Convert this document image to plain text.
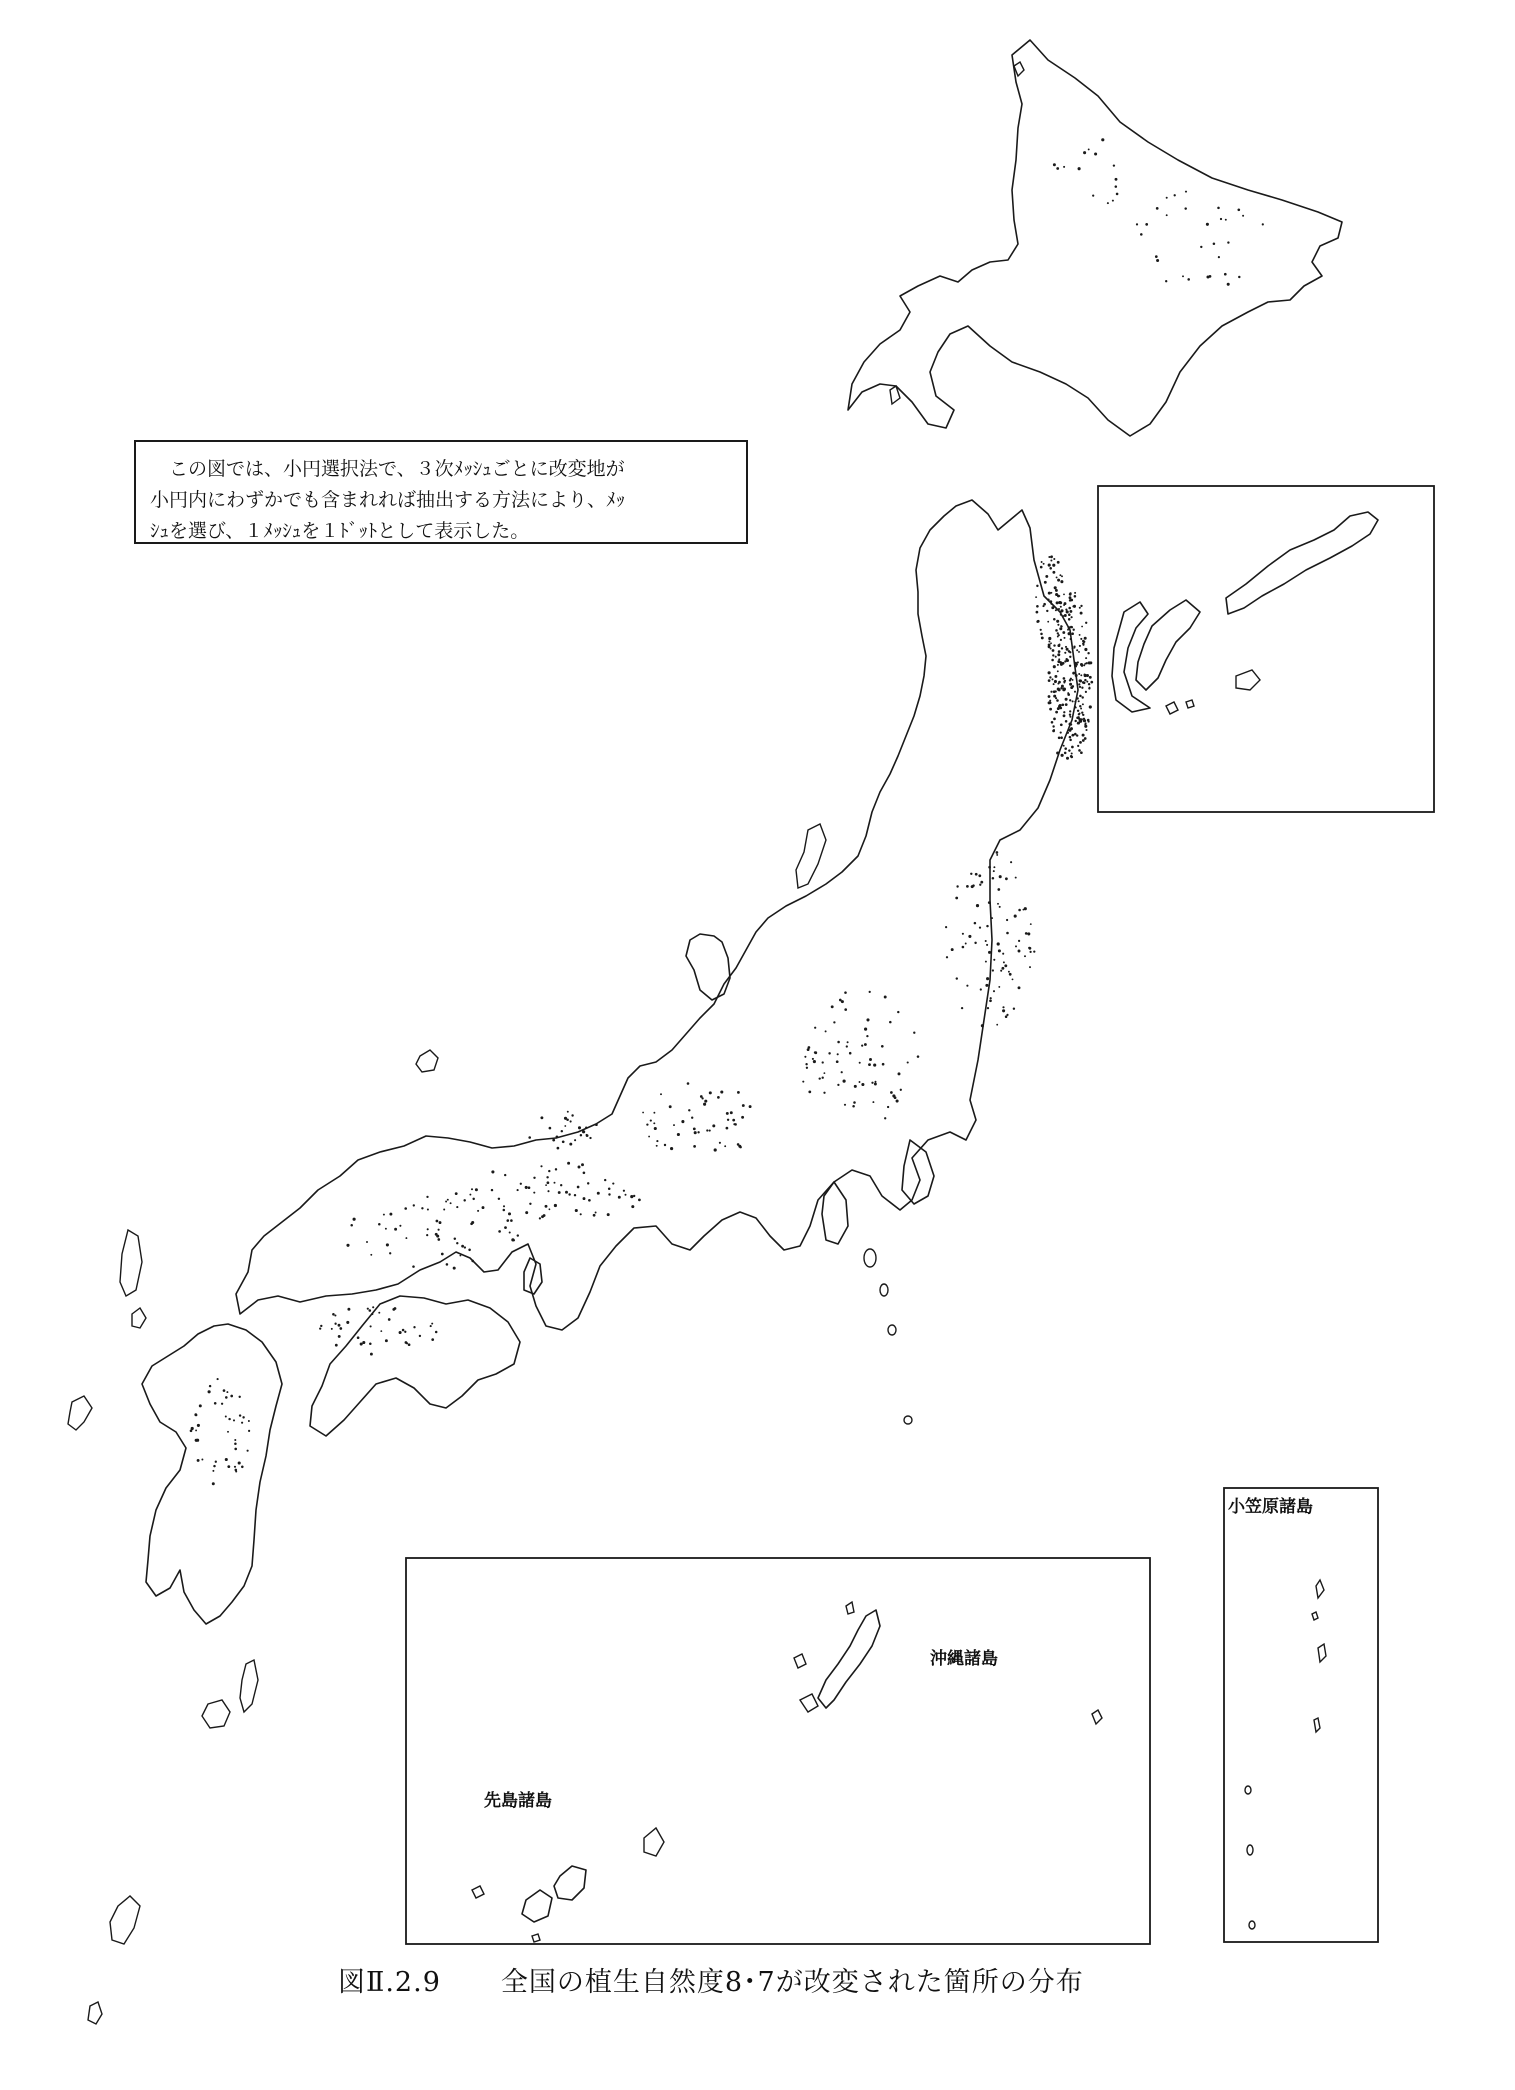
　この図では、小円選択法で、３次ﾒｯｼｭごとに改変地が
小円内にわずかでも含まれれば抽出する方法により、ﾒｯ
ｼｭを選び、１ﾒｯｼｭを１ﾄﾞｯﾄとして表示した。
小笠原諸島
沖縄諸島
先島諸島
図Ⅱ.2.9 全国の植生自然度8･7が改変された箇所の分布
